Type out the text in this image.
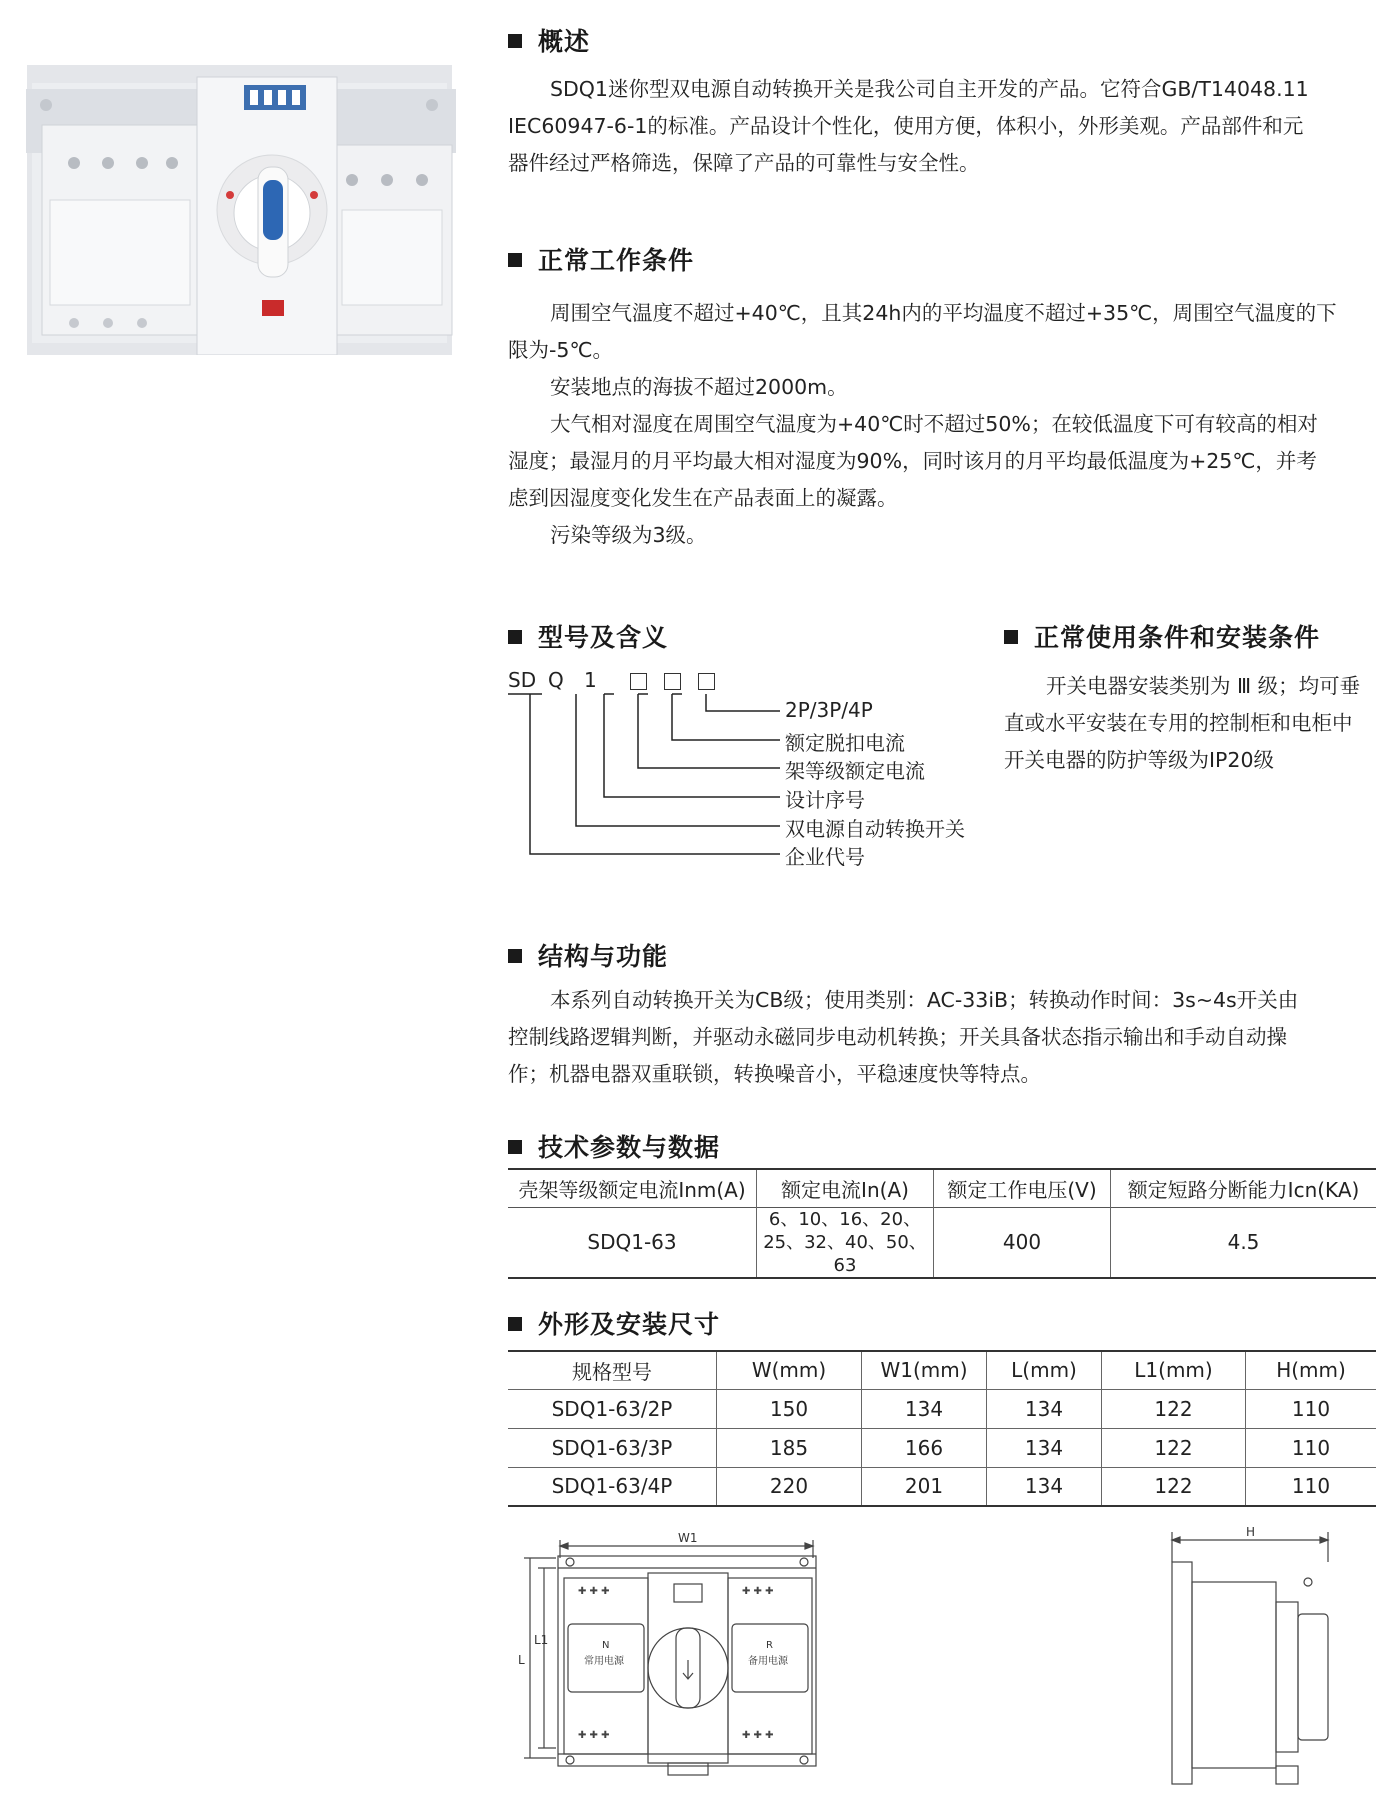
概述

SDQ1迷你型双电源自动转换开关是我公司自主开发的产品。它符合GB/T14048.11

IEC60947-6-1的标准。产品设计个性化，使用方便，体积小，外形美观。产品部件和元

器件经过严格筛选，保障了产品的可靠性与安全性。

正常工作条件

周围空气温度不超过+40℃，且其24h内的平均温度不超过+35℃，周围空气温度的下

限为-5℃。

安装地点的海拔不超过2000m。

大气相对湿度在周围空气温度为+40℃时不超过50%；在较低温度下可有较高的相对

湿度；最湿月的月平均最大相对湿度为90%，同时该月的月平均最低温度为+25℃，并考

虑到因湿度变化发生在产品表面上的凝露。

污染等级为3级。

型号及含义
SD Q 1
2P/3P/4P
额定脱扣电流
架等级额定电流
设计序号
双电源自动转换开关
企业代号
正常使用条件和安装条件

开关电器安装类别为 Ⅲ 级；均可垂

直或水平安装在专用的控制柜和电柜中

开关电器的防护等级为IP20级

结构与功能

本系列自动转换开关为CB级；使用类别：AC-33iB；转换动作时间：3s~4s开关由

控制线路逻辑判断，并驱动永磁同步电动机转换；开关具备状态指示输出和手动自动操

作；机器电器双重联锁，转换噪音小，平稳速度快等特点。

技术参数与数据
壳架等级额定电流Inm(A)	额定电流In(A)	额定工作电压(V)	额定短路分断能力Icn(KA)
SDQ1-63	6、10、16、20、
25、32、40、50、63	400	4.5
外形及安装尺寸
规格型号	W(mm)	W1(mm)	L(mm)	L1(mm)	H(mm)
SDQ1-63/2P	150	134	134	122	110
SDQ1-63/3P	185	166	134	122	110
SDQ1-63/4P	220	201	134	122	110
✚ ✚ ✚	✚ ✚ ✚
✚ ✚ ✚	✚ ✚ ✚
W1
L
L1	N
常用电源
R
备用电源
H
